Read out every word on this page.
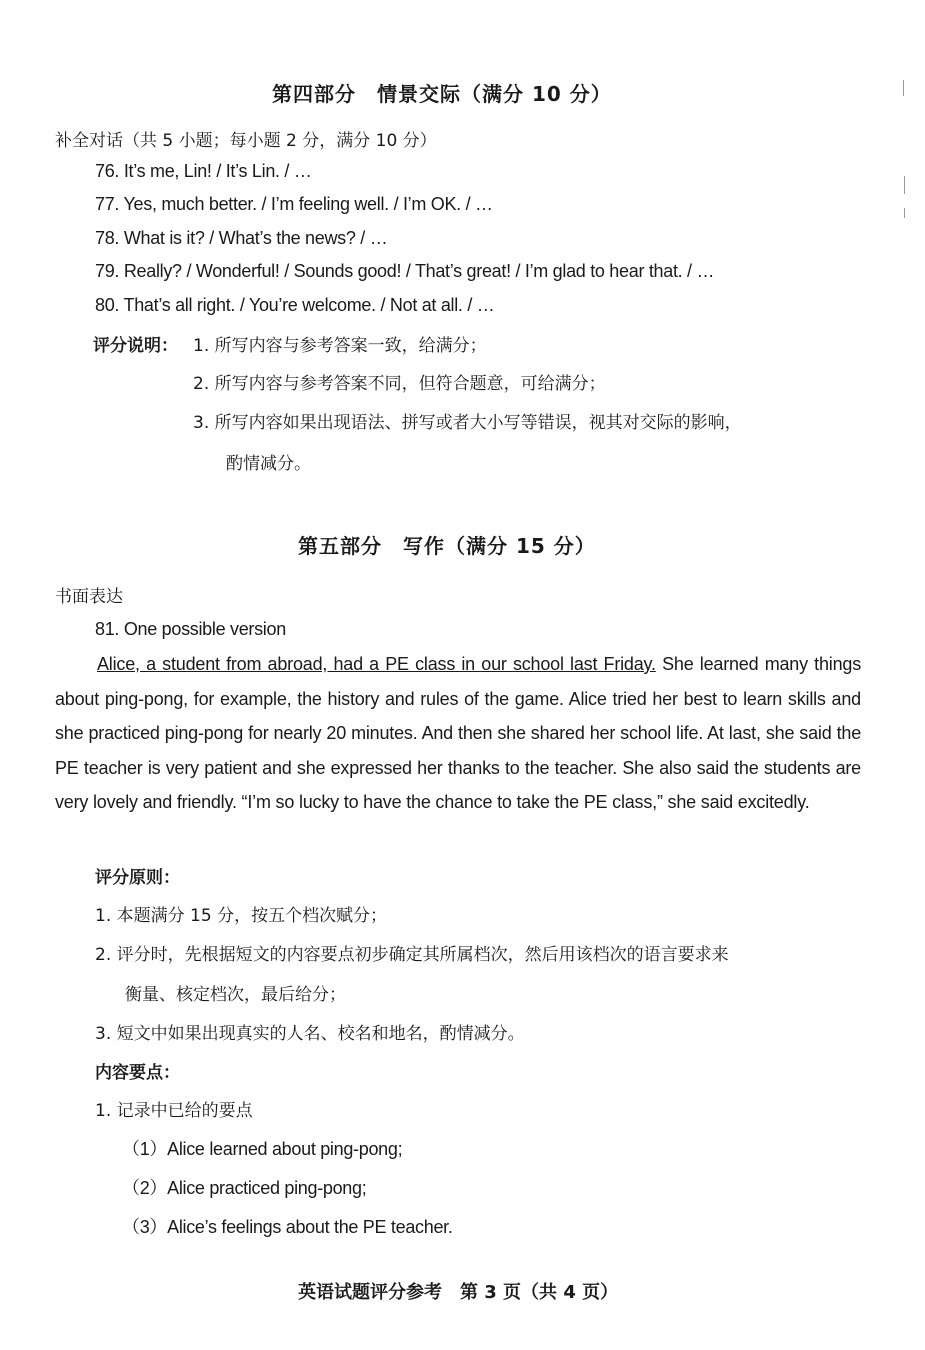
第四部分　情景交际（满分 10 分）

补全对话（共 5 小题；每小题 2 分，满分 10 分）

76. It’s me, Lin! / It’s Lin. / …

77. Yes, much better. / I’m feeling well. / I’m OK. / …

78. What is it? / What’s the news? / …

79. Really? / Wonderful! / Sounds good! / That’s great! / I’m glad to hear that. / …

80. That’s all right. / You’re welcome. / Not at all. / …

评分说明： 1. 所写内容与参考答案一致，给满分；

2. 所写内容与参考答案不同，但符合题意，可给满分；

3. 所写内容如果出现语法、拼写或者大小写等错误，视其对交际的影响，

酌情减分。

第五部分　写作（满分 15 分）

书面表达

81. One possible version

Alice, a student from abroad, had a PE class in our school last Friday. She learned many things about ping-pong, for example, the history and rules of the game. Alice tried her best to learn skills and she practiced ping-pong for nearly 20 minutes. And then she shared her school life. At last, she said the PE teacher is very patient and she expressed her thanks to the teacher. She also said the students are very lovely and friendly. “I’m so lucky to have the chance to take the PE class,” she said excitedly.

评分原则：

1. 本题满分 15 分，按五个档次赋分；

2. 评分时，先根据短文的内容要点初步确定其所属档次，然后用该档次的语言要求来

衡量、核定档次，最后给分；

3. 短文中如果出现真实的人名、校名和地名，酌情减分。

内容要点：

1. 记录中已给的要点

（1）Alice learned about ping-pong;

（2）Alice practiced ping-pong;

（3）Alice’s feelings about the PE teacher.

英语试题评分参考　第 3 页（共 4 页）
